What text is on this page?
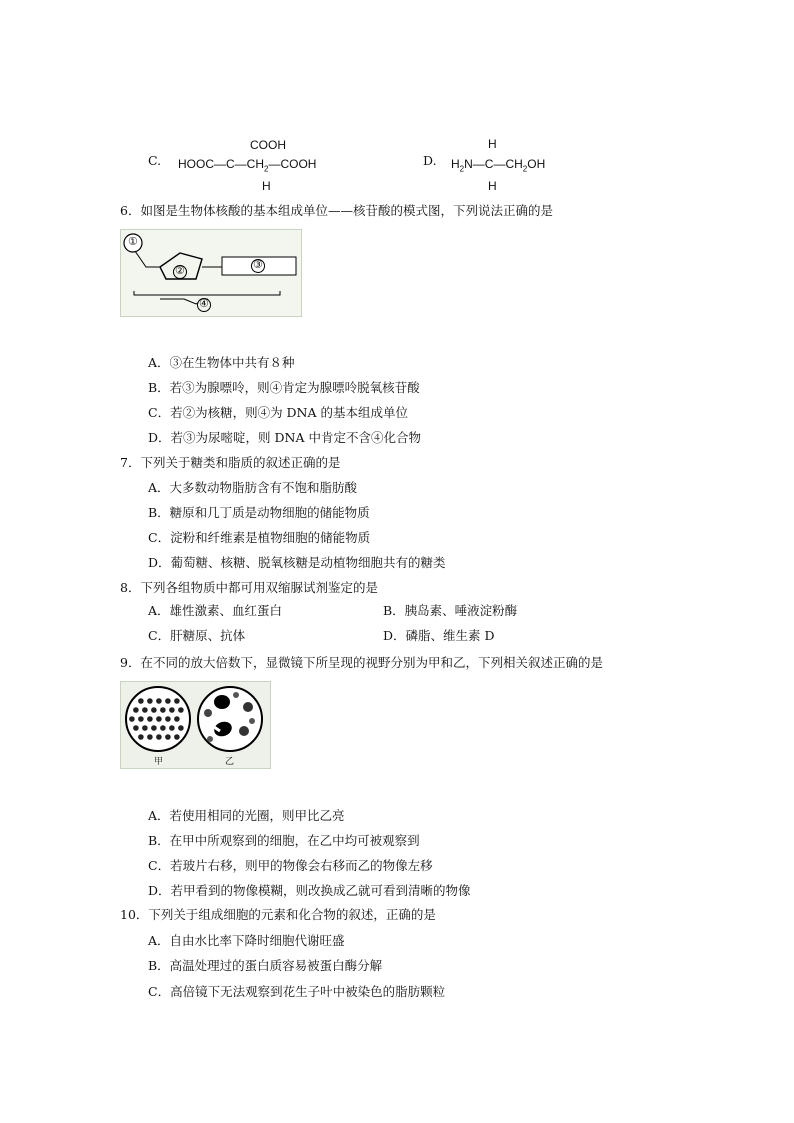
C.
COOH
$HOOC—C—CH_2—COOH$
H
D.
H
$H_2N—C—CH_2OH$
H
6．如图是生物体核酸的基本组成单位——核苷酸的模式图，下列说法正确的是
①
②	③
④
A．③在生物体中共有８种
B．若③为腺嘌呤，则④肯定为腺嘌呤脱氧核苷酸
C．若②为核糖，则④为 DNA 的基本组成单位
D．若③为尿嘧啶，则 DNA 中肯定不含④化合物
7．下列关于糖类和脂质的叙述正确的是
A．大多数动物脂肪含有不饱和脂肪酸
B．糖原和几丁质是动物细胞的储能物质
C．淀粉和纤维素是植物细胞的储能物质
D．葡萄糖、核糖、脱氧核糖是动植物细胞共有的糖类
8．下列各组物质中都可用双缩脲试剂鉴定的是
A．雄性激素、血红蛋白	B．胰岛素、唾液淀粉酶
C．肝糖原、抗体	D．磷脂、维生素 D
9．在不同的放大倍数下，显微镜下所呈现的视野分别为甲和乙，下列相关叙述正确的是
甲	乙
A．若使用相同的光圈，则甲比乙亮
B．在甲中所观察到的细胞，在乙中均可被观察到
C．若玻片右移，则甲的物像会右移而乙的物像左移
D．若甲看到的物像模糊，则改换成乙就可看到清晰的物像
10．下列关于组成细胞的元素和化合物的叙述，正确的是
A．自由水比率下降时细胞代谢旺盛
B．高温处理过的蛋白质容易被蛋白酶分解
C．高倍镜下无法观察到花生子叶中被染色的脂肪颗粒
